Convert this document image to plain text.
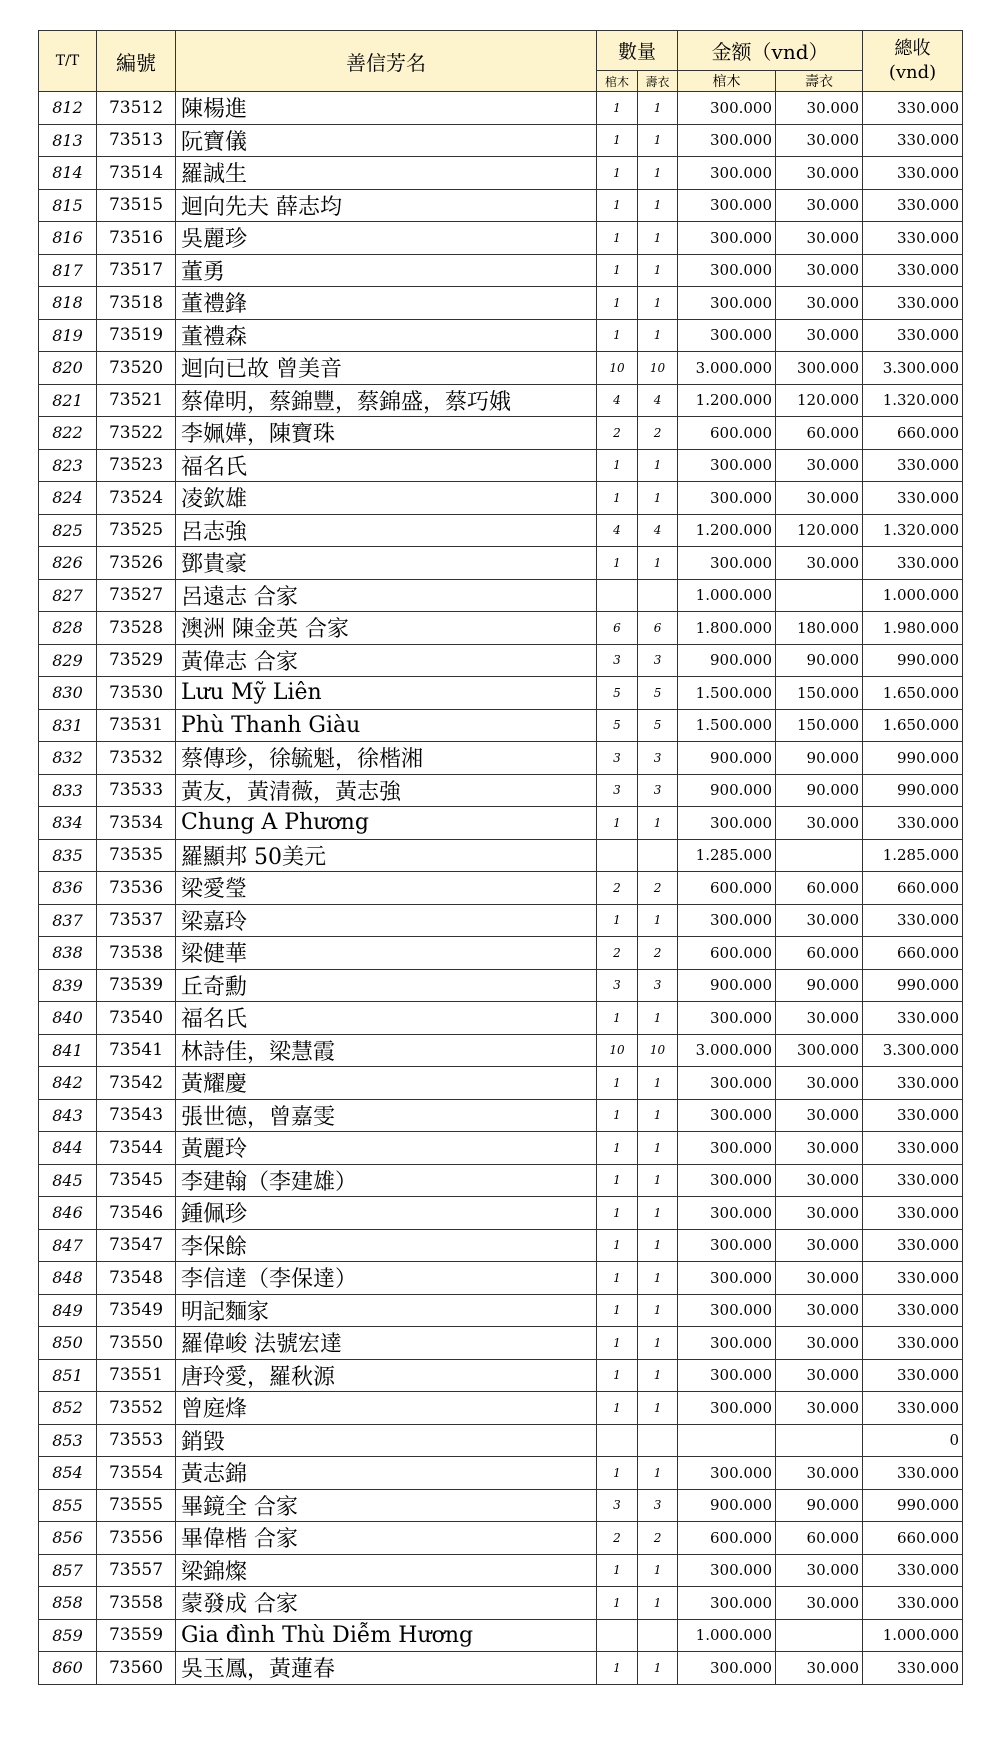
T/T	編號	善信芳名	數量		金额（vnd）		總收
(vnd)

			棺木	壽衣	棺木	壽衣	
812	73512	陳楊進	1	1	300.000	30.000	330.000
813	73513	阮寶儀	1	1	300.000	30.000	330.000
814	73514	羅誠生	1	1	300.000	30.000	330.000
815	73515	迴向先夫 薛志均	1	1	300.000	30.000	330.000
816	73516	吳麗珍	1	1	300.000	30.000	330.000
817	73517	董勇	1	1	300.000	30.000	330.000
818	73518	董禮鋒	1	1	300.000	30.000	330.000
819	73519	董禮森	1	1	300.000	30.000	330.000
820	73520	迴向已故 曾美音	10	10	3.000.000	300.000	3.300.000
821	73521	蔡偉明，蔡錦豐，蔡錦盛，蔡巧娥	4	4	1.200.000	120.000	1.320.000
822	73522	李姵嬅，陳寶珠	2	2	600.000	60.000	660.000
823	73523	福名氏	1	1	300.000	30.000	330.000
824	73524	凌欽雄	1	1	300.000	30.000	330.000
825	73525	呂志強	4	4	1.200.000	120.000	1.320.000
826	73526	鄧貴豪	1	1	300.000	30.000	330.000
827	73527	呂遠志 合家			1.000.000		1.000.000
828	73528	澳洲 陳金英 合家	6	6	1.800.000	180.000	1.980.000
829	73529	黃偉志 合家	3	3	900.000	90.000	990.000
830	73530	Lưu Mỹ Liên	5	5	1.500.000	150.000	1.650.000
831	73531	Phù Thanh Giàu	5	5	1.500.000	150.000	1.650.000
832	73532	蔡傳珍，徐毓魁，徐楷湘	3	3	900.000	90.000	990.000
833	73533	黃友，黃清薇，黃志強	3	3	900.000	90.000	990.000
834	73534	Chung A Phương	1	1	300.000	30.000	330.000
835	73535	羅顯邦 50美元			1.285.000		1.285.000
836	73536	梁愛瑩	2	2	600.000	60.000	660.000
837	73537	梁嘉玲	1	1	300.000	30.000	330.000
838	73538	梁健華	2	2	600.000	60.000	660.000
839	73539	丘奇勳	3	3	900.000	90.000	990.000
840	73540	福名氏	1	1	300.000	30.000	330.000
841	73541	林詩佳，梁慧霞	10	10	3.000.000	300.000	3.300.000
842	73542	黃耀慶	1	1	300.000	30.000	330.000
843	73543	張世德，曾嘉雯	1	1	300.000	30.000	330.000
844	73544	黃麗玲	1	1	300.000	30.000	330.000
845	73545	李建翰（李建雄）	1	1	300.000	30.000	330.000
846	73546	鍾佩珍	1	1	300.000	30.000	330.000
847	73547	李保餘	1	1	300.000	30.000	330.000
848	73548	李信達（李保達）	1	1	300.000	30.000	330.000
849	73549	明記麵家	1	1	300.000	30.000	330.000
850	73550	羅偉峻 法號宏達	1	1	300.000	30.000	330.000
851	73551	唐玲愛，羅秋源	1	1	300.000	30.000	330.000
852	73552	曾庭烽	1	1	300.000	30.000	330.000
853	73553	銷毀					0
854	73554	黃志錦	1	1	300.000	30.000	330.000
855	73555	畢鏡全 合家	3	3	900.000	90.000	990.000
856	73556	畢偉楷 合家	2	2	600.000	60.000	660.000
857	73557	梁錦燦	1	1	300.000	30.000	330.000
858	73558	蒙發成 合家	1	1	300.000	30.000	330.000
859	73559	Gia đình Thù Diễm Hương			1.000.000		1.000.000
860	73560	吳玉鳳，黃蓮春	1	1	300.000	30.000	330.000
